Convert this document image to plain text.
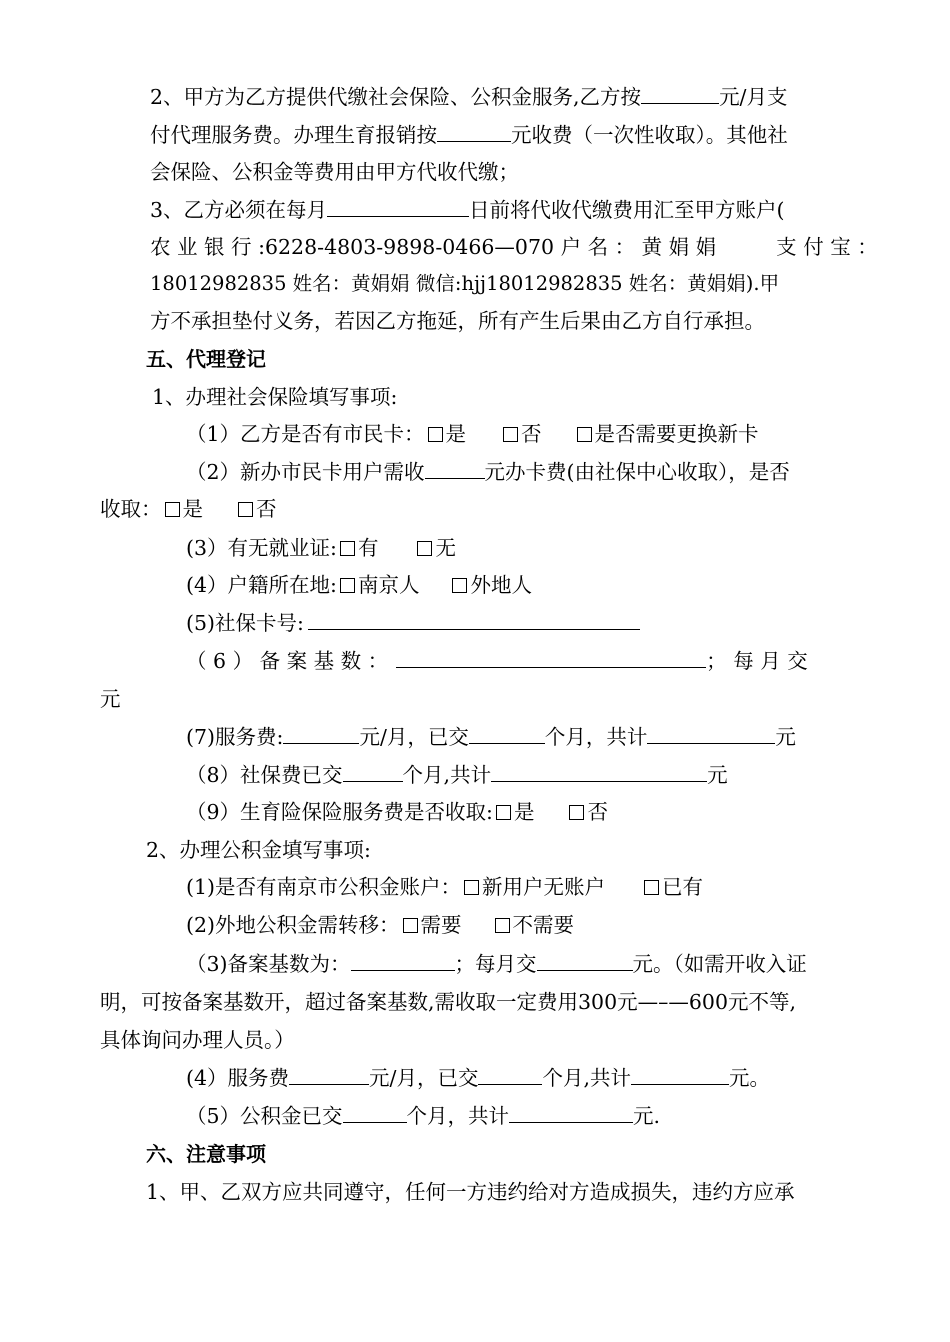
2、甲方为乙方提供代缴社会保险、公积金服务,乙方按	元/月支
付代理服务费。办理生育报销按	元收费（一次性收取）。其他社
会保险、公积金等费用由甲方代收代缴；
3、乙方必须在每月	日前将代收代缴费用汇至甲方账户(
农 业 银 行 :6228-4803-9898-0466—070 户 名 ： 黄 娟 娟	支 付 宝 ：
18012982835 姓名：黄娟娟 微信:hjj18012982835 姓名：黄娟娟).甲
方不承担垫付义务，若因乙方拖延，所有产生后果由乙方自行承担。
五、代理登记
1、办理社会保险填写事项:
（1）乙方是否有市民卡： 是	否	是否需要更换新卡
（2）新办市民卡用户需收	元办卡费(由社保中心收取），是否
收取： 是	否
(3）有无就业证: 有	无
(4）户籍所在地: 南京人 外地人
(5)社保卡号:
（ 6 ） 备 案 基 数 ：	； 每 月 交
元
(7)服务费:	元/月，已交	个月，共计	元
（8）社保费已交	个月,共计	元
（9）生育险保险服务费是否收取: 是	否
2、办理公积金填写事项:
(1)是否有南京市公积金账户： 新用户无账户	已有
(2)外地公积金需转移： 需要 不需要
（3)备案基数为：	；每月交	元。（如需开收入证
明，可按备案基数开，超过备案基数,需收取一定费用300元—–—600元不等,
具体询问办理人员。）
(4）服务费	元/月，已交	个月,共计	元。
（5）公积金已交	个月，共计	元.
六、注意事项
1、甲、乙双方应共同遵守，任何一方违约给对方造成损失，违约方应承
